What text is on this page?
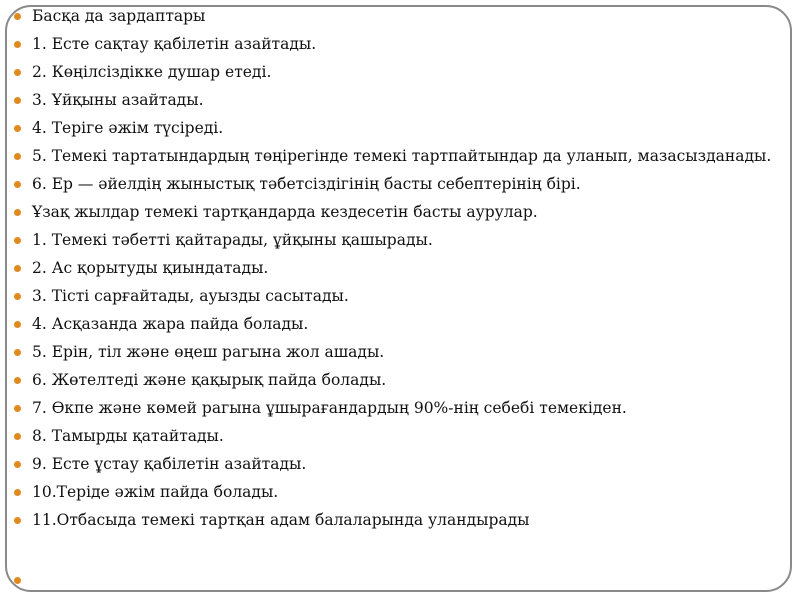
Басқа да зардаптары
1. Есте сақтау қабілетін азайтады.
2. Көңілсіздікке душар етеді.
3. Ұйқыны азайтады.
4. Теріге әжім түсіреді.
5. Темекі тартатындардың төңірегінде темекі тартпайтындар да уланып, мазасызданады.
6. Ер — әйелдің жыныстық тәбетсіздігінің басты себептерінің бірі.
Ұзақ жылдар темекі тартқандарда кездесетін басты аурулар.
1. Темекі тәбетті қайтарады, ұйқыны қашырады.
2. Ас қорытуды қиындатады.
3. Тісті сарғайтады, ауызды сасытады.
4. Асқазанда жара пайда болады.
5. Ерін, тіл және өңеш рагына жол ашады.
6. Жөтелтеді және қақырық пайда болады.
7. Өкпе және көмей рагына ұшырағандардың 90%-нің себебі темекіден.
8. Тамырды қатайтады.
9. Есте ұстау қабілетін азайтады.
10.Теріде әжім пайда болады.
11.Отбасыда темекі тартқан адам балаларында уландырады
